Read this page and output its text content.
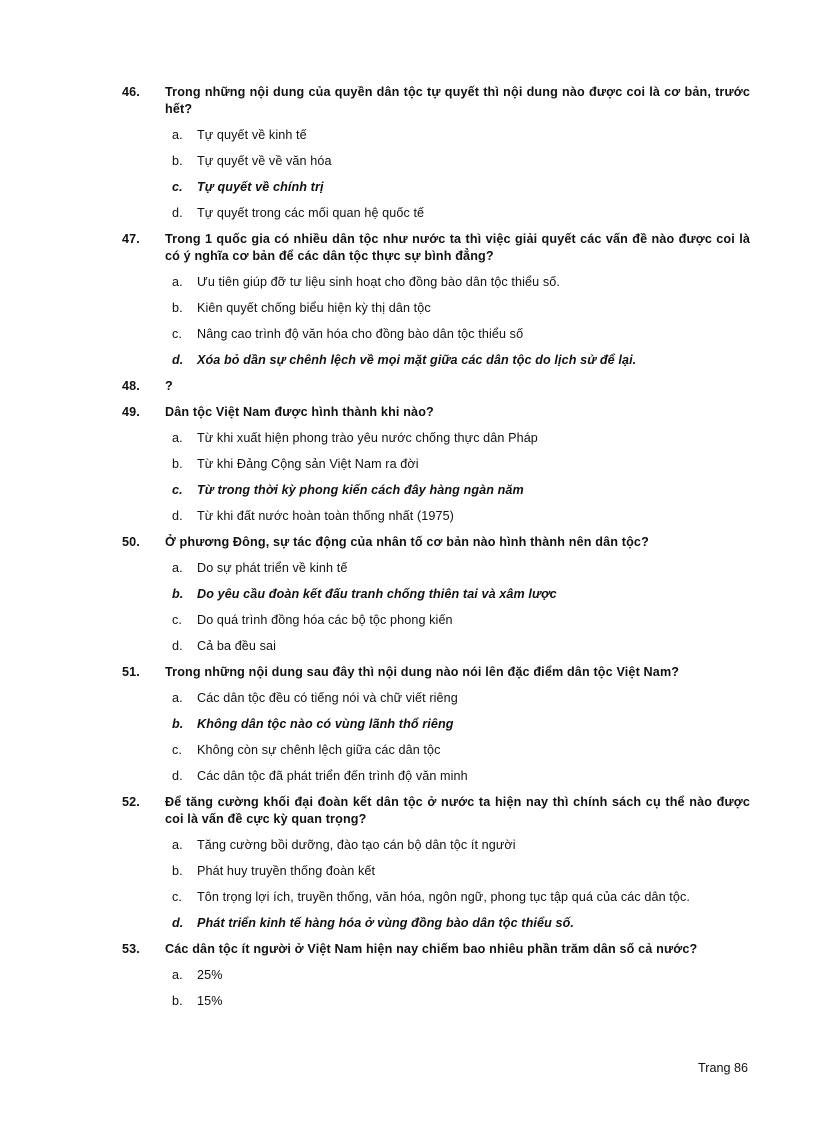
46. Trong những nội dung của quyền dân tộc tự quyết thì nội dung nào được coi là cơ bản, trước hết?
a. Tự quyết về kinh tế
b. Tự quyết về về văn hóa
c. Tự quyết về chính trị
d. Tự quyết trong các mối quan hệ quốc tế
47. Trong 1 quốc gia có nhiều dân tộc như nước ta thì việc giải quyết các vấn đề nào được coi là có ý nghĩa cơ bản để các dân tộc thực sự bình đẳng?
a. Ưu tiên giúp đỡ tư liệu sinh hoạt cho đồng bào dân tộc thiểu số.
b. Kiên quyết chống biểu hiện kỳ thị dân tộc
c. Nâng cao trình độ văn hóa cho đồng bào dân tộc thiểu số
d. Xóa bỏ dần sự chênh lệch về mọi mặt giữa các dân tộc do lịch sử để lại.
48. ?
49. Dân tộc Việt Nam được hình thành khi nào?
a. Từ khi xuất hiện phong trào yêu nước chống thực dân Pháp
b. Từ khi Đảng Cộng sản Việt Nam ra đời
c. Từ trong thời kỳ phong kiến cách đây hàng ngàn năm
d. Từ khi đất nước hoàn toàn thống nhất (1975)
50. Ở phương Đông, sự tác động của nhân tố cơ bản nào hình thành nên dân tộc?
a. Do sự phát triển về kinh tế
b. Do yêu cầu đoàn kết đấu tranh chống thiên tai và xâm lược
c. Do quá trình đồng hóa các bộ tộc phong kiến
d. Cả ba đều sai
51. Trong những nội dung sau đây thì nội dung nào nói lên đặc điểm dân tộc Việt Nam?
a. Các dân tộc đều có tiếng nói và chữ viết riêng
b. Không dân tộc nào có vùng lãnh thổ riêng
c. Không còn sự chênh lệch giữa các dân tộc
d. Các dân tộc đã phát triển đến trình độ văn minh
52. Để tăng cường khối đại đoàn kết dân tộc ở nước ta hiện nay thì chính sách cụ thể nào được coi là vấn đề cực kỳ quan trọng?
a. Tăng cường bồi dưỡng, đào tạo cán bộ dân tộc ít người
b. Phát huy truyền thống đoàn kết
c. Tôn trọng lợi ích, truyền thống, văn hóa, ngôn ngữ, phong tục tập quá của các dân tộc.
d. Phát triển kinh tế hàng hóa ở vùng đồng bào dân tộc thiểu số.
53. Các dân tộc ít người ở Việt Nam hiện nay chiếm bao nhiêu phần trăm dân số cả nước?
a. 25%
b. 15%
Trang 86
